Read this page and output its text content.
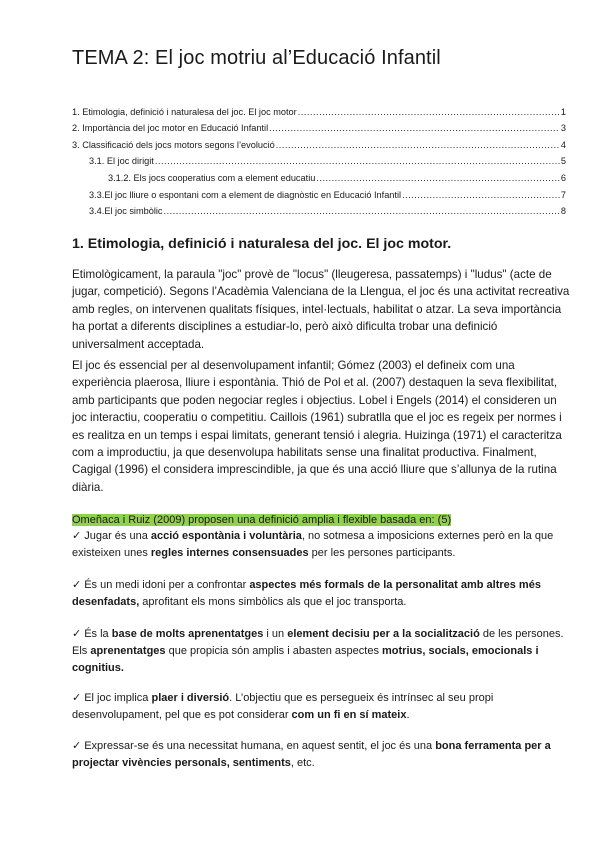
TEMA 2: El joc motriu al’Educació Infantil
1. Etimologia, definició i naturalesa del joc. El joc motor .....	1
2. Importància del joc motor en Educació Infantil .....	3
3. Classificació dels jocs motors segons l’evolució .....	4
3.1. El joc dirigit .....	5
3.1.2. Els jocs cooperatius com a element educatiu .....	6
3.3.El joc lliure o espontani com a element de diagnòstic en Educació Infantil .....	7
3.4.El joc simbòlic .....	8
1. Etimologia, definició i naturalesa del joc. El joc motor.

Etimològicament, la paraula "joc" provè de "locus" (lleugeresa, passatemps) i "ludus" (acte de jugar, competició). Segons l’Acadèmia Valenciana de la Llengua, el joc és una activitat recreativa amb regles, on intervenen qualitats físiques, intel·lectuals, habilitat o atzar. La seva importància ha portat a diferents disciplines a estudiar-lo, però això dificulta trobar una definició universalment acceptada.

El joc és essencial per al desenvolupament infantil; Gómez (2003) el defineix com una experiència plaerosa, lliure i espontània. Thió de Pol et al. (2007) destaquen la seva flexibilitat, amb participants que poden negociar regles i objectius. Lobel i Engels (2014) el consideren un joc interactiu, cooperatiu o competitiu. Caillois (1961) subratlla que el joc es regeix per normes i es realitza en un temps i espai limitats, generant tensió i alegria. Huizinga (1971) el caracteritza com a improductiu, ja que desenvolupa habilitats sense una finalitat productiva. Finalment, Cagigal (1996) el considera imprescindible, ja que és una acció lliure que s’allunya de la rutina diària.

Omeñaca i Ruiz (2009) proposen una definició amplia i flexible basada en: (5)

✓ Jugar és una acció espontània i voluntària, no sotmesa a imposicions externes però en la que existeixen unes regles internes consensuades per les persones participants.

✓ És un medi idoni per a confrontar aspectes més formals de la personalitat amb altres més desenfadats, aprofitant els mons simbòlics als que el joc transporta.

✓ És la base de molts aprenentatges i un element decisiu per a la socialització de les persones. Els aprenentatges que propicia són amplis i abasten aspectes motrius, socials, emocionals i cognitius.

✓ El joc implica plaer i diversió. L’objectiu que es persegueix és intrínsec al seu propi desenvolupament, pel que es pot considerar com un fi en sí mateix.

✓ Expressar-se és una necessitat humana, en aquest sentit, el joc és una bona ferramenta per a projectar vivències personals, sentiments, etc.
